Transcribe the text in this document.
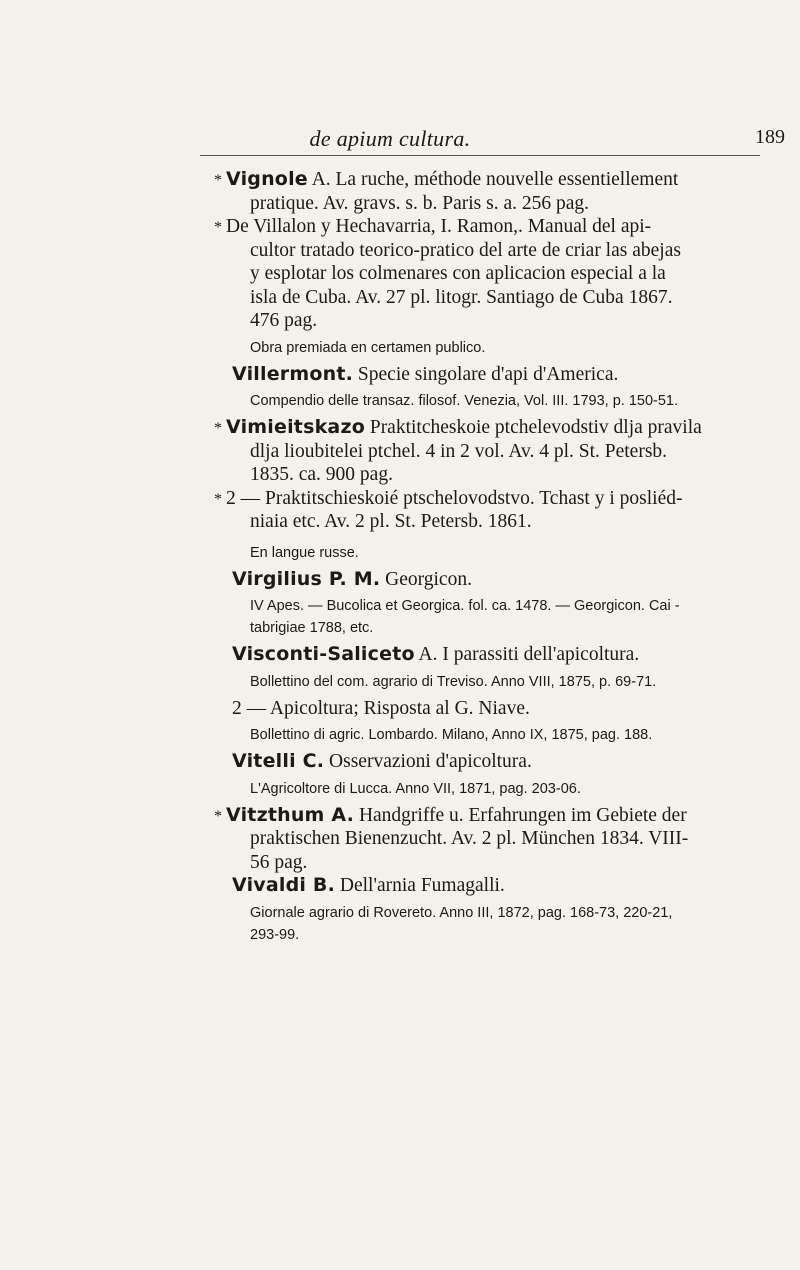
de apium cultura.	189
* Vignole A. La ruche, méthode nouvelle essentiellement
pratique. Av. gravs. s. b. Paris s. a. 256 pag.
* De Villalon y Hechavarria, I. Ramon,. Manual del api-
cultor tratado teorico-pratico del arte de criar las abejas
y esplotar los colmenares con aplicacion especial a la
isla de Cuba. Av. 27 pl. litogr. Santiago de Cuba 1867.
476 pag.
Obra premiada en certamen publico.
Villermont. Specie singolare d'api d'America.
Compendio delle transaz. filosof. Venezia, Vol. III. 1793, p. 150-51.
* Vimieitskazo Praktitcheskoie ptchelevodstiv dlja pravila
dlja lioubitelei ptchel. 4 in 2 vol. Av. 4 pl. St. Petersb.
1835. ca. 900 pag.
* 2 — Praktitschieskoié ptschelovodstvo. Tchast y i posliéd-
niaia etc. Av. 2 pl. St. Petersb. 1861.
En langue russe.
Virgilius P. M. Georgicon.
IV Apes. — Bucolica et Georgica. fol. ca. 1478. — Georgicon. Cai -
tabrigiae 1788, etc.
Visconti-Saliceto A. I parassiti dell'apicoltura.
Bollettino del com. agrario di Treviso. Anno VIII, 1875, p. 69-71.
2 — Apicoltura; Risposta al G. Niave.
Bollettino di agric. Lombardo. Milano, Anno IX, 1875, pag. 188.
Vitelli C. Osservazioni d'apicoltura.
L'Agricoltore di Lucca. Anno VII, 1871, pag. 203-06.
* Vitzthum A. Handgriffe u. Erfahrungen im Gebiete der
praktischen Bienenzucht. Av. 2 pl. München 1834. VIII-
56 pag.
Vivaldi B. Dell'arnia Fumagalli.
Giornale agrario di Rovereto. Anno III, 1872, pag. 168-73, 220-21,
293-99.
